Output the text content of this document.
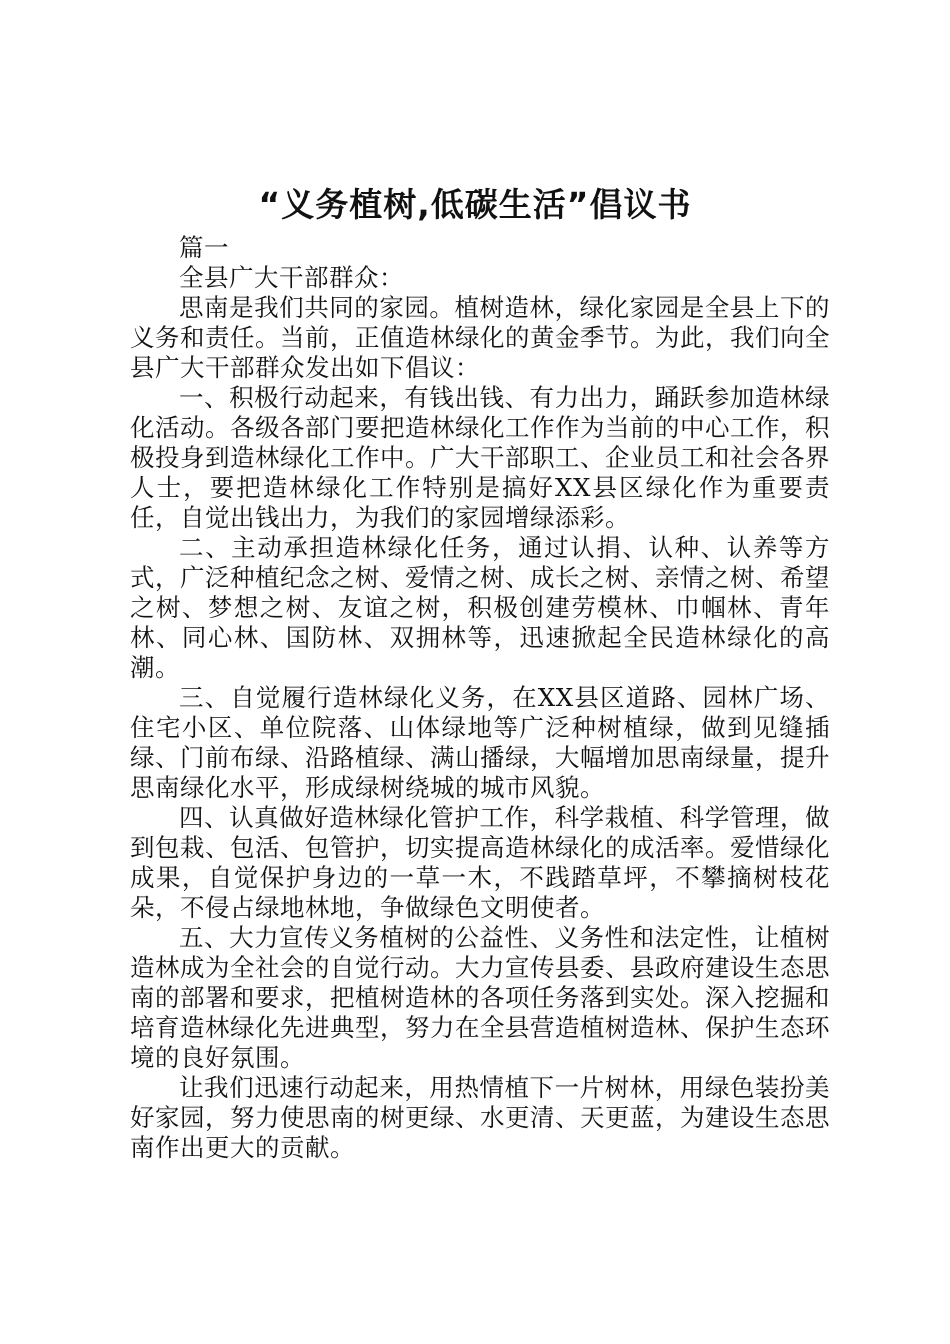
“义务植树,低碳生活”倡议书

篇一

全县广大干部群众：

思南是我们共同的家园。植树造林，绿化家园是全县上下的义务和责任。当前，正值造林绿化的黄金季节。为此，我们向全县广大干部群众发出如下倡议：

一、积极行动起来，有钱出钱、有力出力，踊跃参加造林绿化活动。各级各部门要把造林绿化工作作为当前的中心工作，积极投身到造林绿化工作中。广大干部职工、企业员工和社会各界人士，要把造林绿化工作特别是搞好XX县区绿化作为重要责任，自觉出钱出力，为我们的家园增绿添彩。

二、主动承担造林绿化任务，通过认捐、认种、认养等方式，广泛种植纪念之树、爱情之树、成长之树、亲情之树、希望之树、梦想之树、友谊之树，积极创建劳模林、巾帼林、青年林、同心林、国防林、双拥林等，迅速掀起全民造林绿化的高潮。

三、自觉履行造林绿化义务，在XX县区道路、园林广场、住宅小区、单位院落、山体绿地等广泛种树植绿，做到见缝插绿、门前布绿、沿路植绿、满山播绿，大幅增加思南绿量，提升思南绿化水平，形成绿树绕城的城市风貌。

四、认真做好造林绿化管护工作，科学栽植、科学管理，做到包栽、包活、包管护，切实提高造林绿化的成活率。爱惜绿化成果，自觉保护身边的一草一木，不践踏草坪，不攀摘树枝花朵，不侵占绿地林地，争做绿色文明使者。

五、大力宣传义务植树的公益性、义务性和法定性，让植树造林成为全社会的自觉行动。大力宣传县委、县政府建设生态思南的部署和要求，把植树造林的各项任务落到实处。深入挖掘和培育造林绿化先进典型，努力在全县营造植树造林、保护生态环境的良好氛围。

让我们迅速行动起来，用热情植下一片树林，用绿色装扮美好家园，努力使思南的树更绿、水更清、天更蓝，为建设生态思南作出更大的贡献。
